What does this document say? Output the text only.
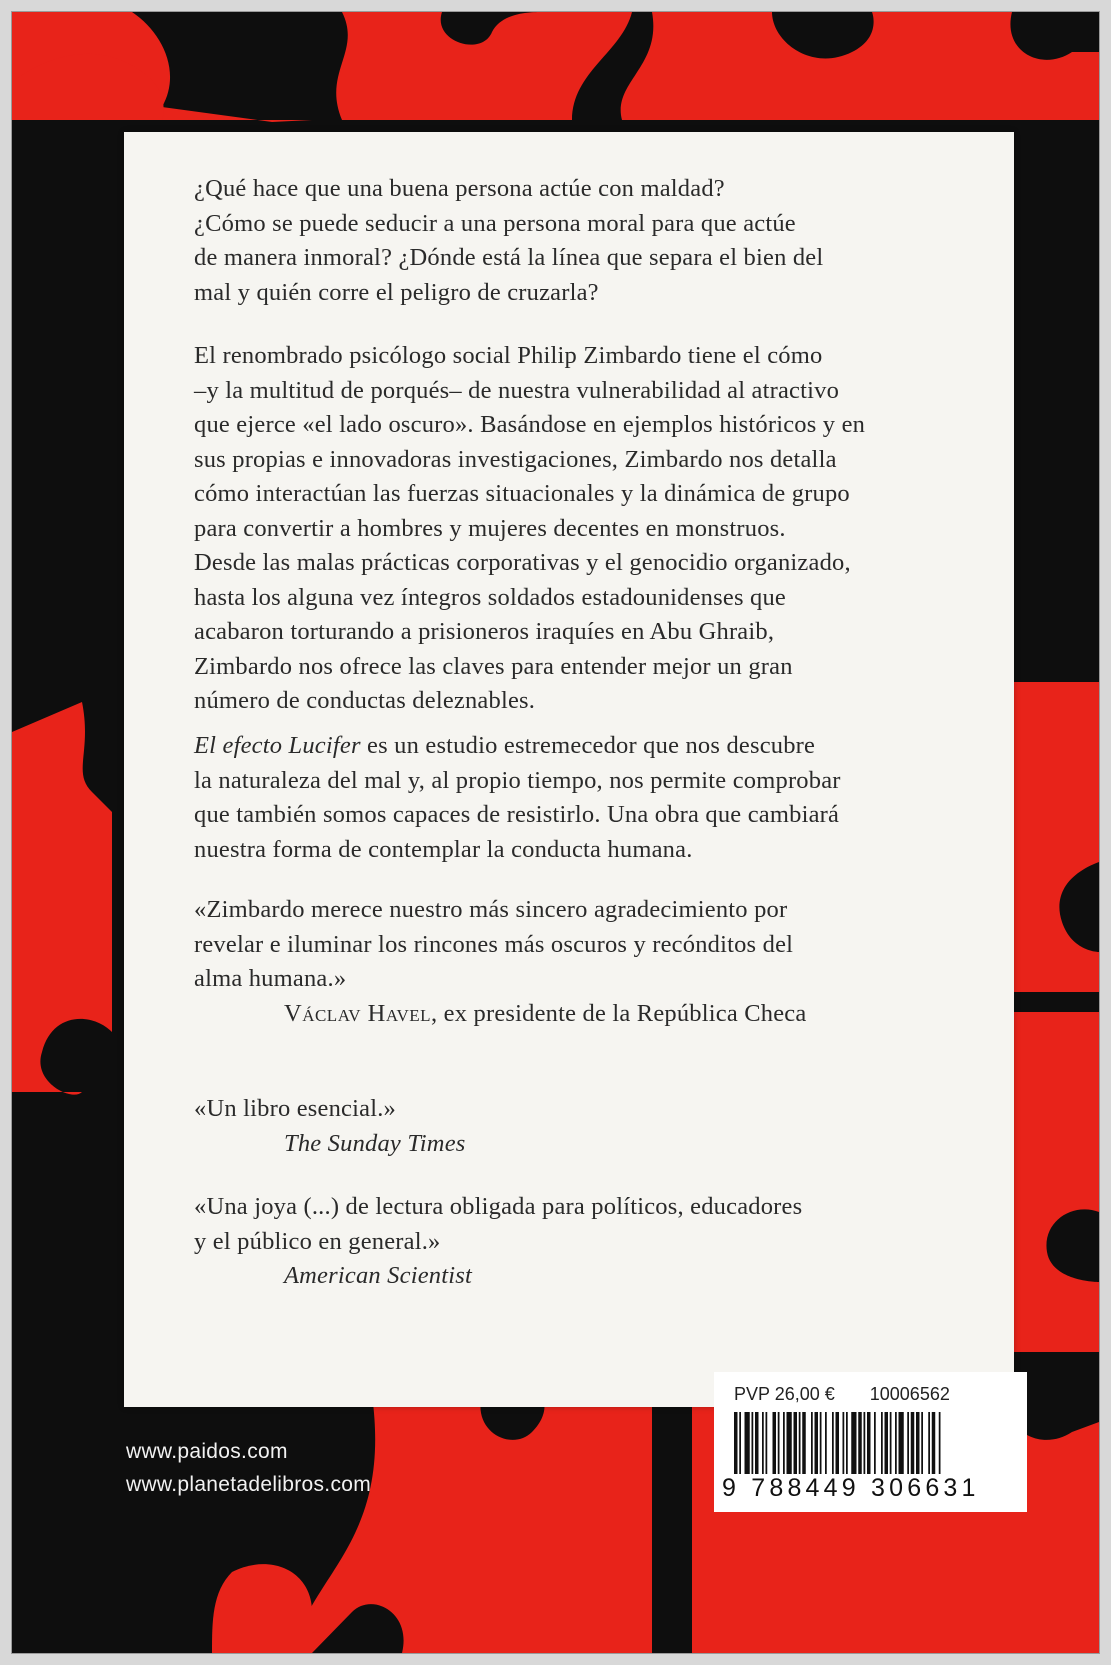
¿Qué hace que una buena persona actúe con maldad?

¿Cómo se puede seducir a una persona moral para que actúe

de manera inmoral? ¿Dónde está la línea que separa el bien del

mal y quién corre el peligro de cruzarla?

El renombrado psicólogo social Philip Zimbardo tiene el cómo

–y la multitud de porqués– de nuestra vulnerabilidad al atractivo

que ejerce «el lado oscuro». Basándose en ejemplos históricos y en

sus propias e innovadoras investigaciones, Zimbardo nos detalla

cómo interactúan las fuerzas situacionales y la dinámica de grupo

para convertir a hombres y mujeres decentes en monstruos.

Desde las malas prácticas corporativas y el genocidio organizado,

hasta los alguna vez íntegros soldados estadounidenses que

acabaron torturando a prisioneros iraquíes en Abu Ghraib,

Zimbardo nos ofrece las claves para entender mejor un gran

número de conductas deleznables.

El efecto Lucifer es un estudio estremecedor que nos descubre

la naturaleza del mal y, al propio tiempo, nos permite comprobar

que también somos capaces de resistirlo. Una obra que cambiará

nuestra forma de contemplar la conducta humana.

«Zimbardo merece nuestro más sincero agradecimiento por

revelar e iluminar los rincones más oscuros y recónditos del

alma humana.»

Václav Havel, ex presidente de la República Checa

«Un libro esencial.»

The Sunday Times

«Una joya (...) de lectura obligada para políticos, educadores

y el público en general.»

American Scientist

www.paidos.com
www.planetadelibros.com
PVP 26,00 € 10006562
9 788449 306631
